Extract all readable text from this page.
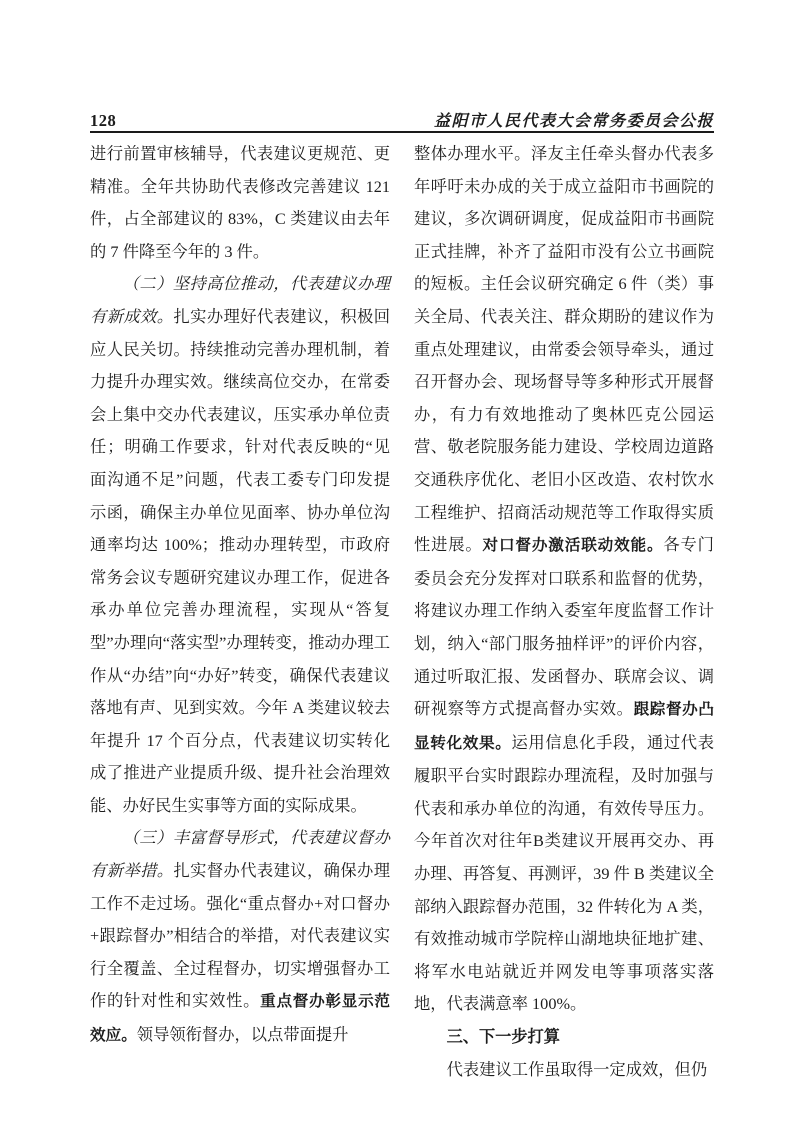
128	益阳市人民代表大会常务委员会公报

进行前置审核辅导，代表建议更规范、更精准。全年共协助代表修改完善建议 121 件，占全部建议的 83%，C 类建议由去年的 7 件降至今年的 3 件。

（二）坚持高位推动，代表建议办理有新成效。扎实办理好代表建议，积极回应人民关切。持续推动完善办理机制，着力提升办理实效。继续高位交办，在常委会上集中交办代表建议，压实承办单位责任；明确工作要求，针对代表反映的“见面沟通不足”问题，代表工委专门印发提示函，确保主办单位见面率、协办单位沟通率均达 100%；推动办理转型，市政府常务会议专题研究建议办理工作，促进各承办单位完善办理流程，实现从“答复型”办理向“落实型”办理转变，推动办理工作从“办结”向“办好”转变，确保代表建议落地有声、见到实效。今年 A 类建议较去年提升 17 个百分点，代表建议切实转化成了推进产业提质升级、提升社会治理效能、办好民生实事等方面的实际成果。

（三）丰富督导形式，代表建议督办有新举措。扎实督办代表建议，确保办理工作不走过场。强化“重点督办+对口督办+跟踪督办”相结合的举措，对代表建议实行全覆盖、全过程督办，切实增强督办工作的针对性和实效性。重点督办彰显示范效应。领导领衔督办，以点带面提升

整体办理水平。泽友主任牵头督办代表多年呼吁未办成的关于成立益阳市书画院的建议，多次调研调度，促成益阳市书画院正式挂牌，补齐了益阳市没有公立书画院的短板。主任会议研究确定 6 件（类）事关全局、代表关注、群众期盼的建议作为重点处理建议，由常委会领导牵头，通过召开督办会、现场督导等多种形式开展督办，有力有效地推动了奥林匹克公园运营、敬老院服务能力建设、学校周边道路交通秩序优化、老旧小区改造、农村饮水工程维护、招商活动规范等工作取得实质性进展。对口督办激活联动效能。各专门委员会充分发挥对口联系和监督的优势，将建议办理工作纳入委室年度监督工作计划，纳入“部门服务抽样评”的评价内容，通过听取汇报、发函督办、联席会议、调研视察等方式提高督办实效。跟踪督办凸显转化效果。运用信息化手段，通过代表履职平台实时跟踪办理流程，及时加强与代表和承办单位的沟通，有效传导压力。今年首次对往年B类建议开展再交办、再办理、再答复、再测评，39 件 B 类建议全部纳入跟踪督办范围，32 件转化为 A 类，有效推动城市学院梓山湖地块征地扩建、将军水电站就近并网发电等事项落实落地，代表满意率 100%。

三、下一步打算

代表建议工作虽取得一定成效，但仍
